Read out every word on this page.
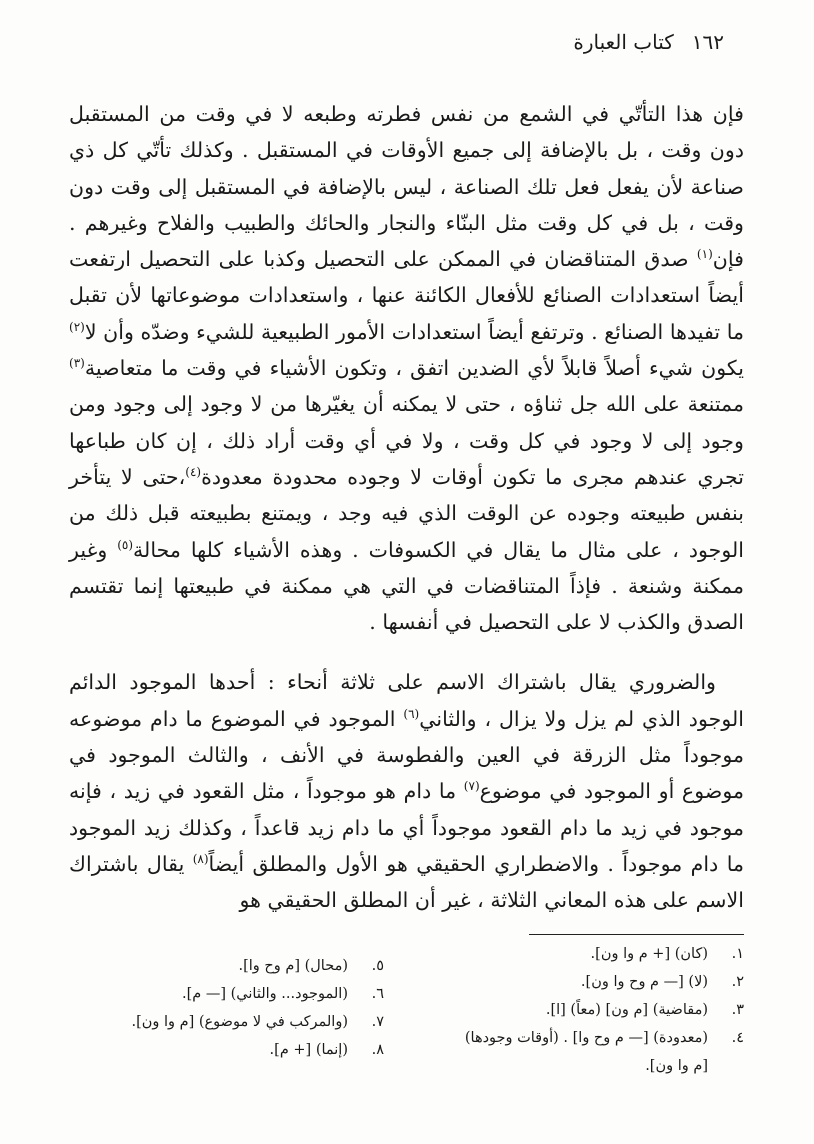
١٦٢
كتاب العبارة

فإن هذا التأتّي في الشمع من نفس فطرته وطبعه لا في وقت من المستقبل دون وقت ، بل بالإضافة إلى جميع الأوقات في المستقبل . وكذلك تأتّي كل ذي صناعة لأن يفعل فعل تلك الصناعة ، ليس بالإضافة في المستقبل إلى وقت دون وقت ، بل في كل وقت مثل البنّاء والنجار والحائك والطبيب والفلاح وغيرهم . فإن$^{(١)}$ صدق المتناقضان في الممكن على التحصيل وكذبا على التحصيل ارتفعت أيضاً استعدادات الصنائع للأفعال الكائنة عنها ، واستعدادات موضوعاتها لأن تقبل ما تفيدها الصنائع . وترتفع أيضاً استعدادات الأمور الطبيعية للشيء وضدّه وأن لا$^{(٢)}$ يكون شيء أصلاً قابلاً لأي الضدين اتفق ، وتكون الأشياء في وقت ما متعاصية$^{(٣)}$ ممتنعة على الله جل ثناؤه ، حتى لا يمكنه أن يغيّرها من لا وجود إلى وجود ومن وجود إلى لا وجود في كل وقت ، ولا في أي وقت أراد ذلك ، إن كان طباعها تجري عندهم مجرى ما تكون أوقات لا وجوده محدودة معدودة$^{(٤)}$،حتى لا يتأخر بنفس طبيعته وجوده عن الوقت الذي فيه وجد ، ويمتنع بطبيعته قبل ذلك من الوجود ، على مثال ما يقال في الكسوفات . وهذه الأشياء كلها محالة$^{(٥)}$ وغير ممكنة وشنعة . فإذاً المتناقضات في التي هي ممكنة في طبيعتها إنما تقتسم الصدق والكذب لا على التحصيل في أنفسها .

والضروري يقال باشتراك الاسم على ثلاثة أنحاء : أحدها الموجود الدائم الوجود الذي لم يزل ولا يزال ، والثاني$^{(٦)}$ الموجود في الموضوع ما دام موضوعه موجوداً مثل الزرقة في العين والفطوسة في الأنف ، والثالث الموجود في موضوع أو الموجود في موضوع$^{(٧)}$ ما دام هو موجوداً ، مثل القعود في زيد ، فإنه موجود في زيد ما دام القعود موجوداً أي ما دام زيد قاعداً ، وكذلك زيد الموجود ما دام موجوداً . والاضطراري الحقيقي هو الأول والمطلق أيضاً$^{(٨)}$ يقال باشتراك الاسم على هذه المعاني الثلاثة ، غير أن المطلق الحقيقي هو

١.
(كان) [+ م وا ون].
٢.
(لا) [— م وح وا ون].
٣.
(مقاضية) [م ون] (معاً) [ا].
٤.
(معدودة) [— م وح وا] . (أوقات وجودها)
[م وا ون].
٥.
(محال) [م وح وا].
٦.
(الموجود... والثاني) [— م].
٧.
(والمركب في لا موضوع) [م وا ون].
٨.
(إنما) [+ م].
